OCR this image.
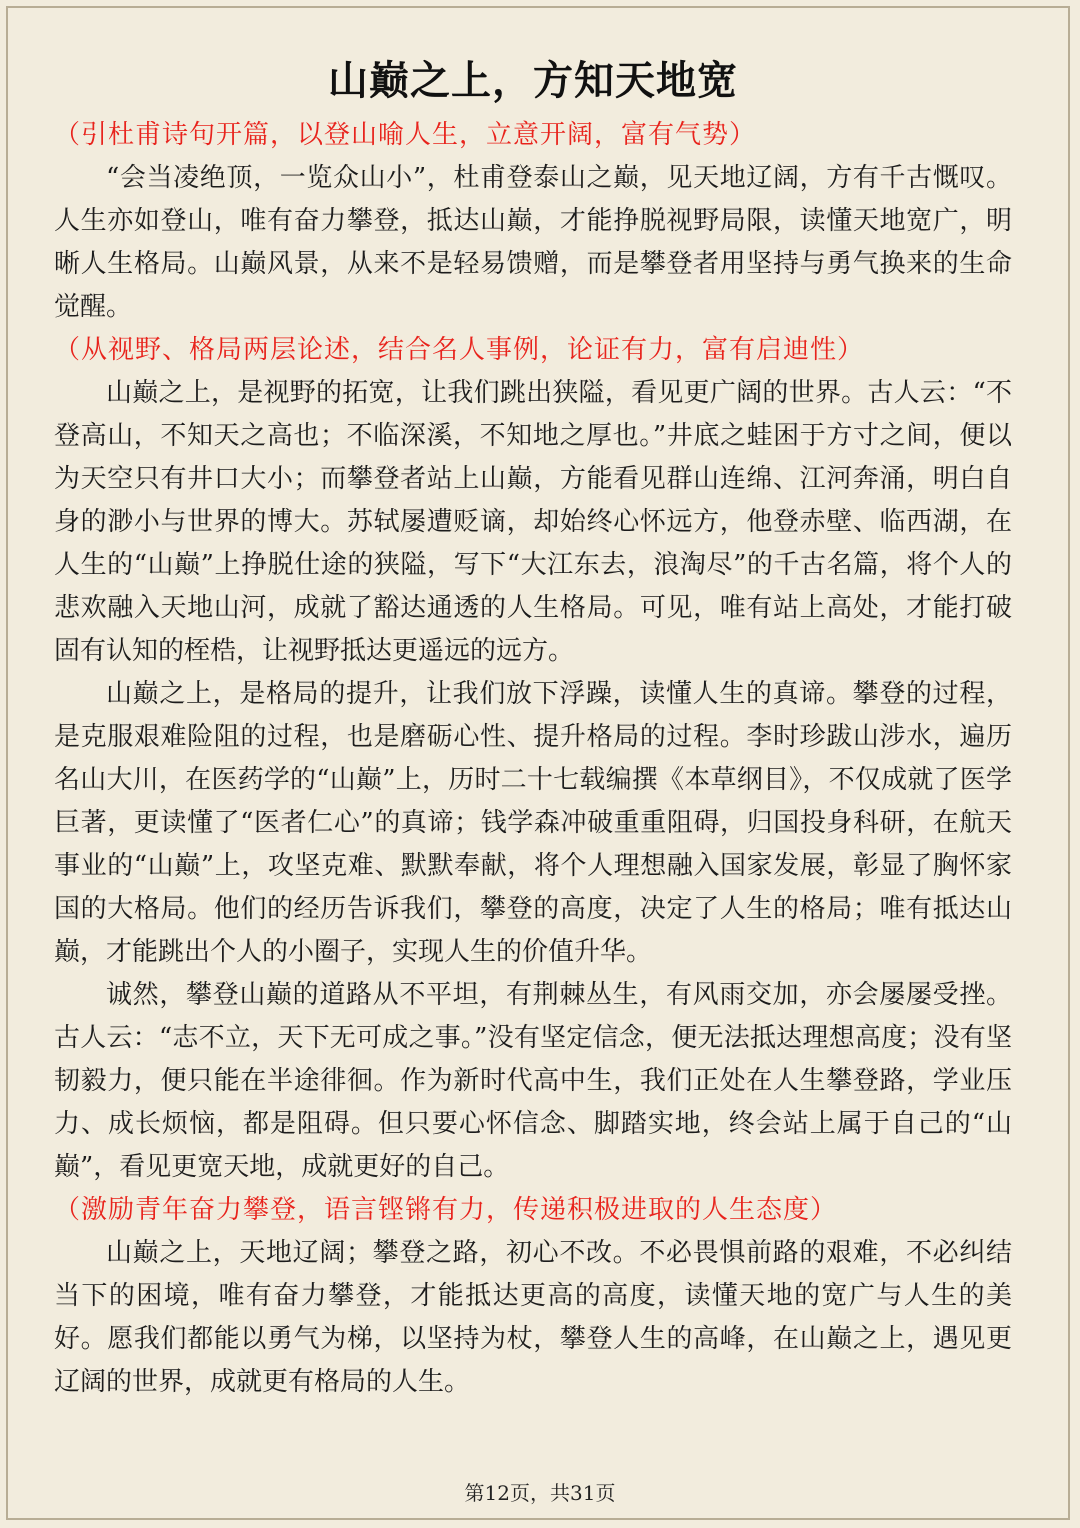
山巅之上，方知天地宽

（引杜甫诗句开篇，以登山喻人生，立意开阔，富有气势）

“会当凌绝顶，一览众山小”，杜甫登泰山之巅，见天地辽阔，方有千古慨叹。人生亦如登山，唯有奋力攀登，抵达山巅，才能挣脱视野局限，读懂天地宽广，明晰人生格局。山巅风景，从来不是轻易馈赠，而是攀登者用坚持与勇气换来的生命觉醒。

（从视野、格局两层论述，结合名人事例，论证有力，富有启迪性）

山巅之上，是视野的拓宽，让我们跳出狭隘，看见更广阔的世界。古人云：“不登高山，不知天之高也；不临深溪，不知地之厚也。”井底之蛙困于方寸之间，便以为天空只有井口大小；而攀登者站上山巅，方能看见群山连绵、江河奔涌，明白自身的渺小与世界的博大。苏轼屡遭贬谪，却始终心怀远方，他登赤壁、临西湖，在人生的“山巅”上挣脱仕途的狭隘，写下“大江东去，浪淘尽”的千古名篇，将个人的悲欢融入天地山河，成就了豁达通透的人生格局。可见，唯有站上高处，才能打破固有认知的桎梏，让视野抵达更遥远的远方。

山巅之上，是格局的提升，让我们放下浮躁，读懂人生的真谛。攀登的过程，是克服艰难险阻的过程，也是磨砺心性、提升格局的过程。李时珍跋山涉水，遍历名山大川，在医药学的“山巅”上，历时二十七载编撰《本草纲目》，不仅成就了医学巨著，更读懂了“医者仁心”的真谛；钱学森冲破重重阻碍，归国投身科研，在航天事业的“山巅”上，攻坚克难、默默奉献，将个人理想融入国家发展，彰显了胸怀家国的大格局。他们的经历告诉我们，攀登的高度，决定了人生的格局；唯有抵达山巅，才能跳出个人的小圈子，实现人生的价值升华。

诚然，攀登山巅的道路从不平坦，有荆棘丛生，有风雨交加，亦会屡屡受挫。古人云：“志不立，天下无可成之事。”没有坚定信念，便无法抵达理想高度；没有坚韧毅力，便只能在半途徘徊。作为新时代高中生，我们正处在人生攀登路，学业压力、成长烦恼，都是阻碍。但只要心怀信念、脚踏实地，终会站上属于自己的“山巅”，看见更宽天地，成就更好的自己。

（激励青年奋力攀登，语言铿锵有力，传递积极进取的人生态度）

山巅之上，天地辽阔；攀登之路，初心不改。不必畏惧前路的艰难，不必纠结当下的困境，唯有奋力攀登，才能抵达更高的高度，读懂天地的宽广与人生的美好。愿我们都能以勇气为梯，以坚持为杖，攀登人生的高峰，在山巅之上，遇见更辽阔的世界，成就更有格局的人生。

第12页，共31页
